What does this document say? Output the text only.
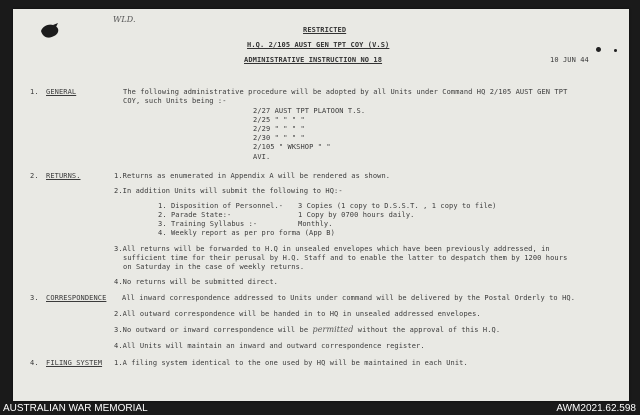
WLD.
RESTRICTED
H.Q. 2/105 AUST GEN TPT COY (V.S)
ADMINISTRATIVE INSTRUCTION NO 18	10 JUN 44
1. GENERAL	The following administrative procedure will be adopted by all Units under Command HQ 2/105 AUST GEN TPT
COY, such Units being :-
2/27 AUST TPT PLATOON T.S.
2/25 " " " "
2/29 " " " "
2/30 " " " "
2/105 " WKSHOP " "
AVI.
2. RETURNS.	1.Returns as enumerated in Appendix A will be rendered as shown.
2.In addition Units will submit the following to HQ:-
1. Disposition of Personnel.- 3 Copies (1 copy to D.S.S.T. , 1 copy to file)
2. Parade State:-	1 Copy by 0700 hours daily.
3. Training Syllabus :-	Monthly.
4. Weekly report as per pro forma (App B)
3.All returns will be forwarded to H.Q in unsealed envelopes which have been previously addressed, in
sufficient time for their perusal by H.Q. Staff and to enable the latter to despatch them by 1200 hours
on Saturday in the case of weekly returns.
4.No returns will be submitted direct.
3. CORRESPONDENCE All inward correspondence addressed to Units under command will be delivered by the Postal Orderly to HQ.
2.All outward correspondence will be handed in to HQ in unsealed addressed envelopes.
3.No outward or inward correspondence will be permitted without the approval of this H.Q.
4.All Units will maintain an inward and outward correspondence register.
4. FILING SYSTEM 1.A filing system identical to the one used by HQ will be maintained in each Unit.
AUSTRALIAN WAR MEMORIAL	AWM2021.62.598
